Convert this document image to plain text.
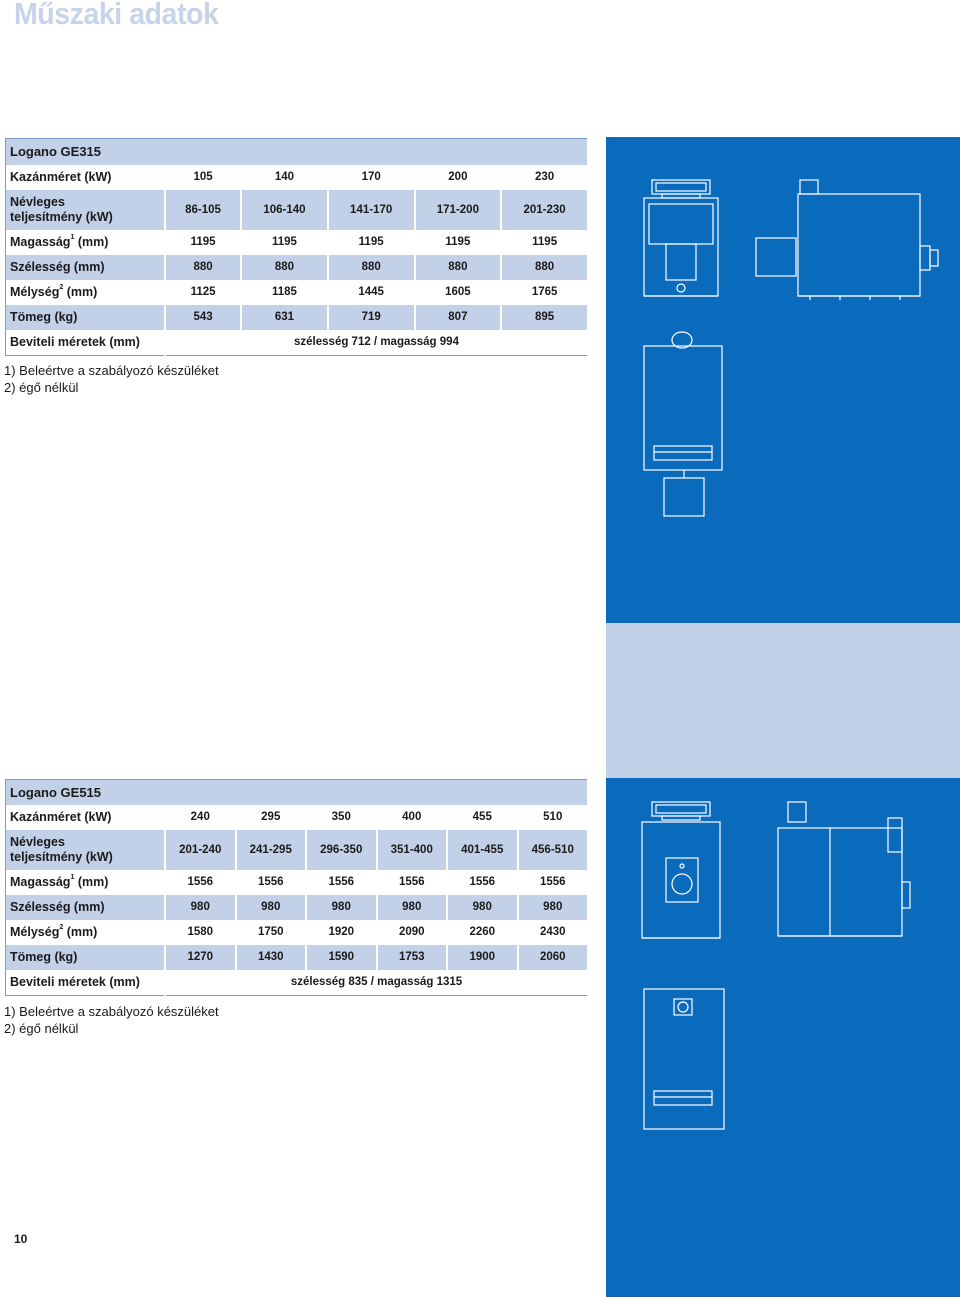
Műszaki adatok
Logano GE315					
Kazánméret (kW)	105	140	170	200	230

Névleges
teljesítmény (kW)	86-105	106-140	141-170	171-200	201-230
Magasság$^1$ (mm)	1195	1195	1195	1195	1195
Szélesség (mm)	880	880	880	880	880
Mélység$^2$ (mm)	1125	1185	1445	1605	1765
Tömeg (kg)	543	631	719	807	895
Beviteli méretek (mm)	szélesség 712 / magasság 994				
1) Beleértve a szabályozó készüléket
2) égő nélkül
Logano GE515						
Kazánméret (kW)	240	295	350	400	455	510

Névleges
teljesítmény (kW)	201-240	241-295	296-350	351-400	401-455	456-510
Magasság$^1$ (mm)	1556	1556	1556	1556	1556	1556
Szélesség (mm)	980	980	980	980	980	980
Mélység$^2$ (mm)	1580	1750	1920	2090	2260	2430
Tömeg (kg)	1270	1430	1590	1753	1900	2060
Beviteli méretek (mm)	szélesség 835 / magasság 1315					
1) Beleértve a szabályozó készüléket
2) égő nélkül
10
